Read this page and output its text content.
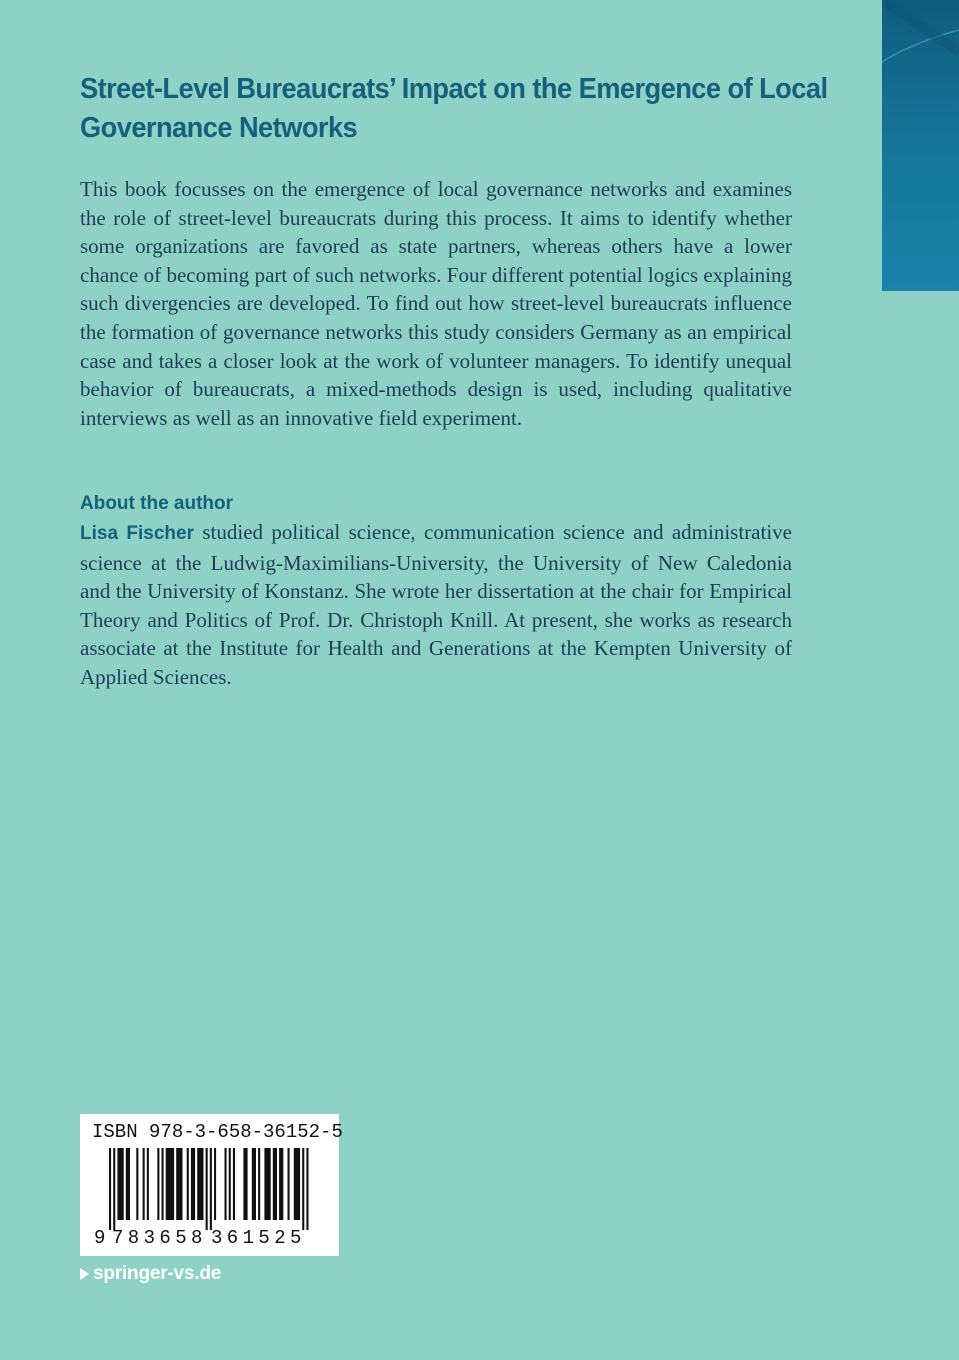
Street-Level Bureaucrats’ Impact on the Emergence of Local
Governance Networks

This book focusses on the emergence of local governance networks and examines the role of street-level bureaucrats during this process. It aims to identify whether some organizations are favored as state partners, whereas others have a lower chance of becoming part of such networks. Four different potential logics explaining such divergencies are developed. To find out how street-level bureaucrats influence the formation of governance networks this study considers Germany as an empirical case and takes a closer look at the work of volunteer managers. To identify unequal behavior of bureaucrats, a mixed-methods design is used, including qualitative interviews as well as an innovative field experiment.

About the author

Lisa Fischer studied political science, communication science and administrative science at the Ludwig-Maximilians-University, the University of New Caledonia and the University of Konstanz. She wrote her dissertation at the chair for Empirical Theory and Politics of Prof. Dr. Christoph Knill. At present, she works as research associate at the Institute for Health and Generations at the Kempten University of Applied Sciences.

ISBN 978-3-658-36152-5
9 783658 361525
springer-vs.de
